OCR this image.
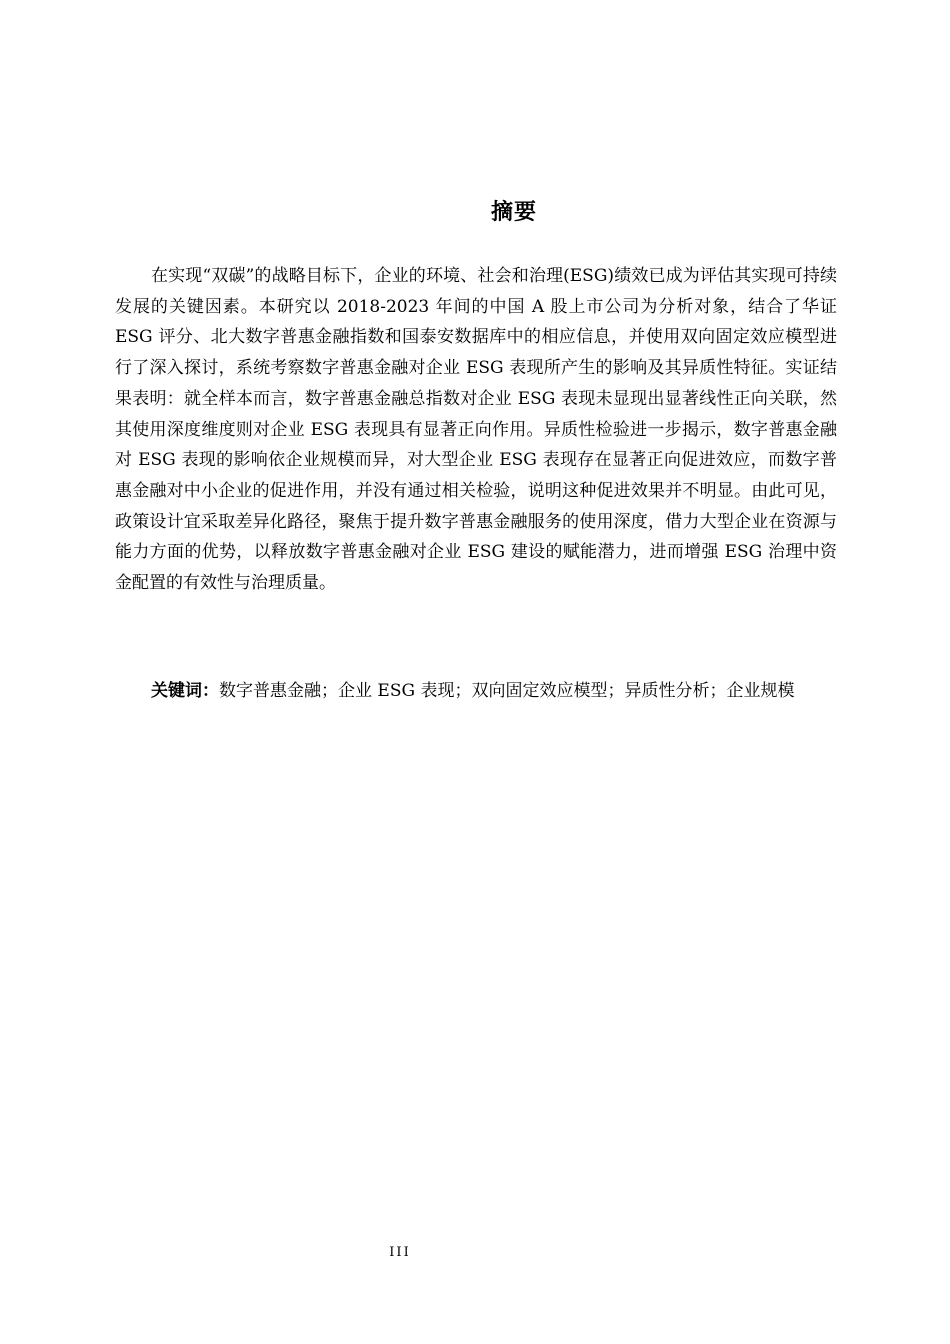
摘要

在实现“双碳”的战略目标下，企业的环境、社会和治理(ESG)绩效已成为评估其实现可持续发展的关键因素。本研究以 2018-2023 年间的中国 A 股上市公司为分析对象，结合了华证 ESG 评分、北大数字普惠金融指数和国泰安数据库中的相应信息，并使用双向固定效应模型进行了深入探讨，系统考察数字普惠金融对企业 ESG 表现所产生的影响及其异质性特征。实证结果表明：就全样本而言，数字普惠金融总指数对企业 ESG 表现未显现出显著线性正向关联，然其使用深度维度则对企业 ESG 表现具有显著正向作用。异质性检验进一步揭示，数字普惠金融对 ESG 表现的影响依企业规模而异，对大型企业 ESG 表现存在显著正向促进效应，而数字普惠金融对中小企业的促进作用，并没有通过相关检验，说明这种促进效果并不明显。由此可见，政策设计宜采取差异化路径，聚焦于提升数字普惠金融服务的使用深度，借力大型企业在资源与能力方面的优势，以释放数字普惠金融对企业 ESG 建设的赋能潜力，进而增强 ESG 治理中资金配置的有效性与治理质量。

关键词：数字普惠金融；企业 ESG 表现；双向固定效应模型；异质性分析；企业规模

III
